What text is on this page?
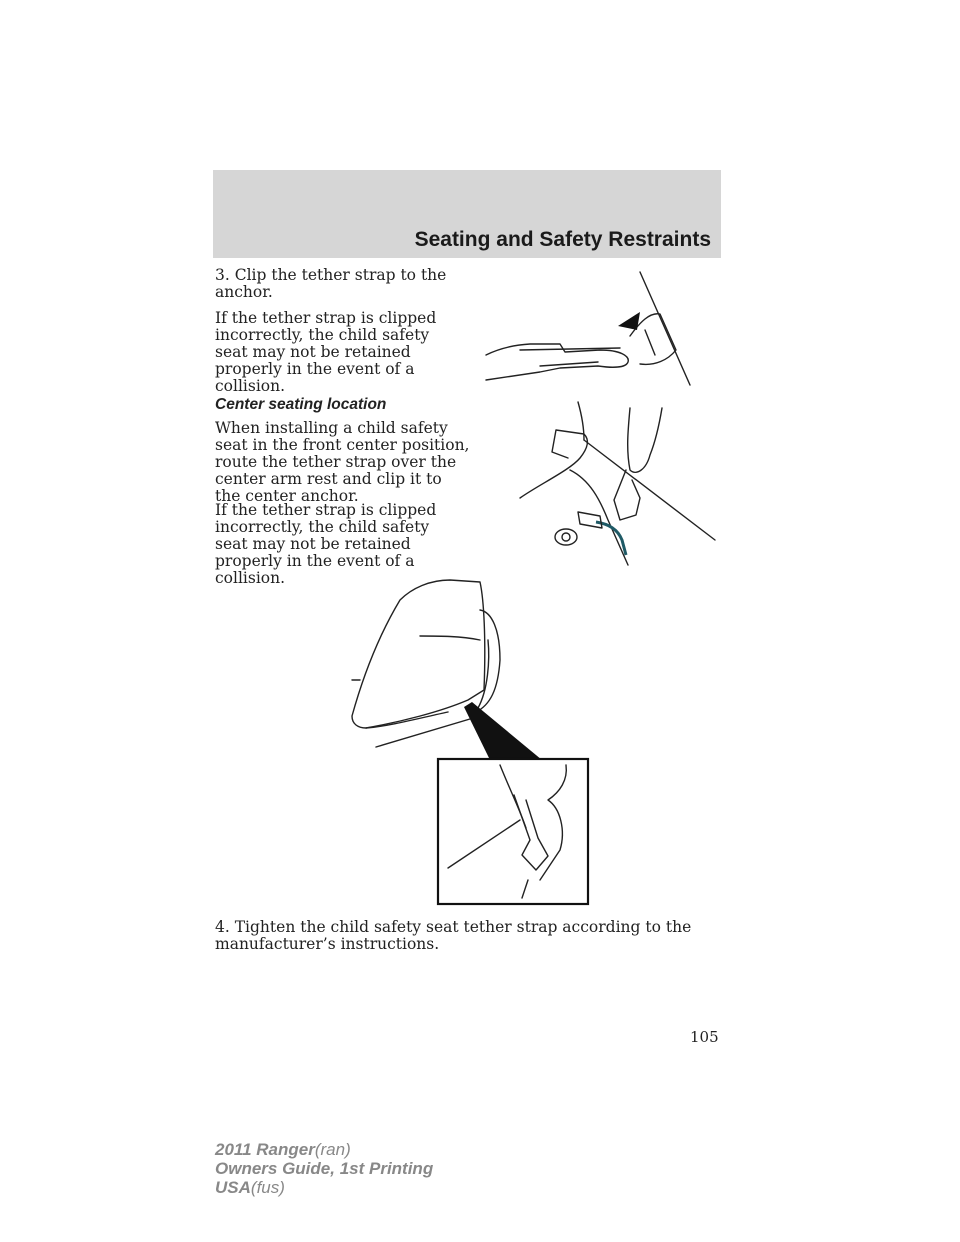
Seating and Safety Restraints

3. Clip the tether strap to the anchor.

If the tether strap is clipped incorrectly, the child safety seat may not be retained properly in the event of a collision.

Center seating location

When installing a child safety seat in the front center position, route the tether strap over the center arm rest and clip it to the center anchor.

If the tether strap is clipped incorrectly, the child safety seat may not be retained properly in the event of a collision.

4. Tighten the child safety seat tether strap according to the manufacturer’s instructions.

105
2011 Ranger(ran)
Owners Guide, 1st Printing
USA(fus)
